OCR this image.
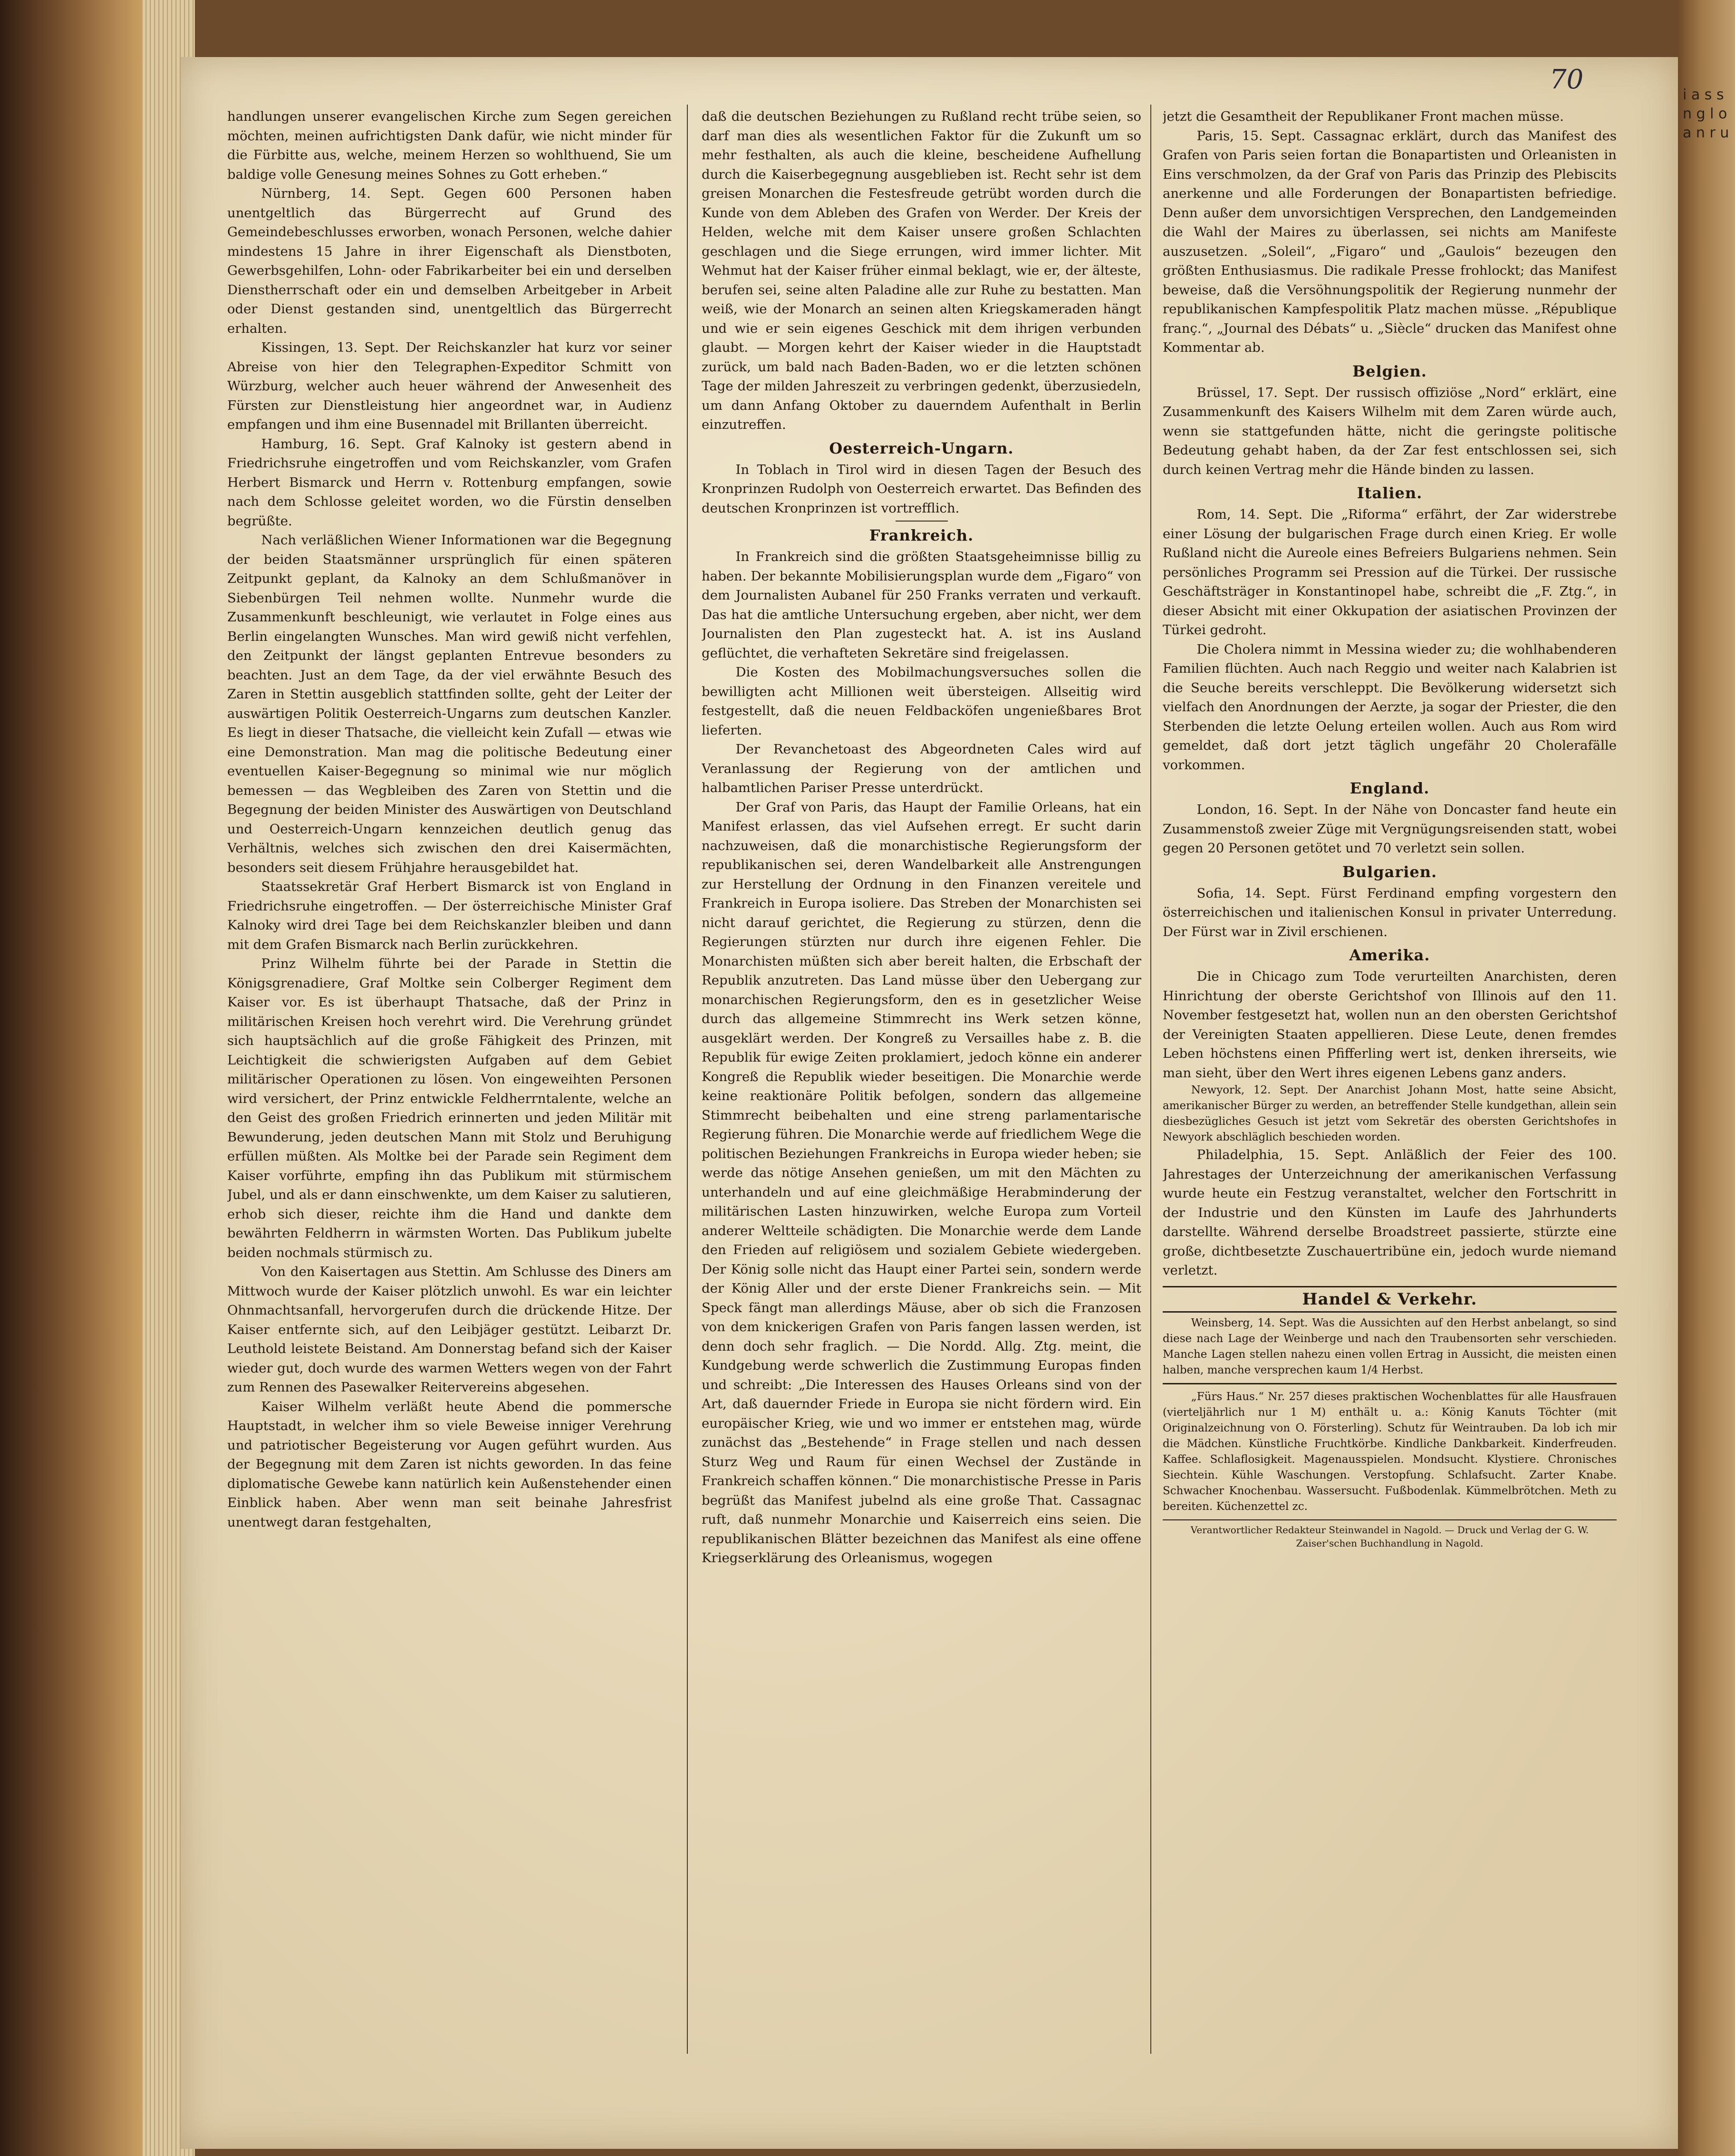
70	i a s s n g l o a n r u

handlungen unserer evangelischen Kirche zum Segen gereichen möchten, meinen aufrichtigsten Dank dafür, wie nicht minder für die Fürbitte aus, welche, meinem Herzen so wohlthuend, Sie um baldige volle Genesung meines Sohnes zu Gott erheben.“

Nürnberg, 14. Sept. Gegen 600 Personen haben unentgeltlich das Bürgerrecht auf Grund des Gemeindebeschlusses erworben, wonach Personen, welche dahier mindestens 15 Jahre in ihrer Eigenschaft als Dienstboten, Gewerbsgehilfen, Lohn- oder Fabrikarbeiter bei ein und derselben Dienstherrschaft oder ein und demselben Arbeitgeber in Arbeit oder Dienst gestanden sind, unentgeltlich das Bürgerrecht erhalten.

Kissingen, 13. Sept. Der Reichskanzler hat kurz vor seiner Abreise von hier den Telegraphen-Expeditor Schmitt von Würzburg, welcher auch heuer während der Anwesenheit des Fürsten zur Dienstleistung hier angeordnet war, in Audienz empfangen und ihm eine Busennadel mit Brillanten überreicht.

Hamburg, 16. Sept. Graf Kalnoky ist gestern abend in Friedrichsruhe eingetroffen und vom Reichskanzler, vom Grafen Herbert Bismarck und Herrn v. Rottenburg empfangen, sowie nach dem Schlosse geleitet worden, wo die Fürstin denselben begrüßte.

Nach verläßlichen Wiener Informationen war die Begegnung der beiden Staatsmänner ursprünglich für einen späteren Zeitpunkt geplant, da Kalnoky an dem Schlußmanöver in Siebenbürgen Teil nehmen wollte. Nunmehr wurde die Zusammenkunft beschleunigt, wie verlautet in Folge eines aus Berlin eingelangten Wunsches. Man wird gewiß nicht verfehlen, den Zeitpunkt der längst geplanten Entrevue besonders zu beachten. Just an dem Tage, da der viel erwähnte Besuch des Zaren in Stettin ausgeblich stattfinden sollte, geht der Leiter der auswärtigen Politik Oesterreich-Ungarns zum deutschen Kanzler. Es liegt in dieser Thatsache, die vielleicht kein Zufall — etwas wie eine Demonstration. Man mag die politische Bedeutung einer eventuellen Kaiser-Begegnung so minimal wie nur möglich bemessen — das Wegbleiben des Zaren von Stettin und die Begegnung der beiden Minister des Auswärtigen von Deutschland und Oesterreich-Ungarn kennzeichen deutlich genug das Verhältnis, welches sich zwischen den drei Kaisermächten, besonders seit diesem Frühjahre herausgebildet hat.

Staatssekretär Graf Herbert Bismarck ist von England in Friedrichsruhe eingetroffen. — Der österreichische Minister Graf Kalnoky wird drei Tage bei dem Reichskanzler bleiben und dann mit dem Grafen Bismarck nach Berlin zurückkehren.

Prinz Wilhelm führte bei der Parade in Stettin die Königsgrenadiere, Graf Moltke sein Colberger Regiment dem Kaiser vor. Es ist überhaupt Thatsache, daß der Prinz in militärischen Kreisen hoch verehrt wird. Die Verehrung gründet sich hauptsächlich auf die große Fähigkeit des Prinzen, mit Leichtigkeit die schwierigsten Aufgaben auf dem Gebiet militärischer Operationen zu lösen. Von eingeweihten Personen wird versichert, der Prinz entwickle Feldherrntalente, welche an den Geist des großen Friedrich erinnerten und jeden Militär mit Bewunderung, jeden deutschen Mann mit Stolz und Beruhigung erfüllen müßten. Als Moltke bei der Parade sein Regiment dem Kaiser vorführte, empfing ihn das Publikum mit stürmischem Jubel, und als er dann einschwenkte, um dem Kaiser zu salutieren, erhob sich dieser, reichte ihm die Hand und dankte dem bewährten Feldherrn in wärmsten Worten. Das Publikum jubelte beiden nochmals stürmisch zu.

Von den Kaisertagen aus Stettin. Am Schlusse des Diners am Mittwoch wurde der Kaiser plötzlich unwohl. Es war ein leichter Ohnmachtsanfall, hervorgerufen durch die drückende Hitze. Der Kaiser entfernte sich, auf den Leibjäger gestützt. Leibarzt Dr. Leuthold leistete Beistand. Am Donnerstag befand sich der Kaiser wieder gut, doch wurde des warmen Wetters wegen von der Fahrt zum Rennen des Pasewalker Reitervereins abgesehen.

Kaiser Wilhelm verläßt heute Abend die pommersche Hauptstadt, in welcher ihm so viele Beweise inniger Verehrung und patriotischer Begeisterung vor Augen geführt wurden. Aus der Begegnung mit dem Zaren ist nichts geworden. In das feine diplomatische Gewebe kann natürlich kein Außenstehender einen Einblick haben. Aber wenn man seit beinahe Jahresfrist unentwegt daran festgehalten,

daß die deutschen Beziehungen zu Rußland recht trübe seien, so darf man dies als wesentlichen Faktor für die Zukunft um so mehr festhalten, als auch die kleine, bescheidene Aufhellung durch die Kaiserbegegnung ausgeblieben ist. Recht sehr ist dem greisen Monarchen die Festesfreude getrübt worden durch die Kunde von dem Ableben des Grafen von Werder. Der Kreis der Helden, welche mit dem Kaiser unsere großen Schlachten geschlagen und die Siege errungen, wird immer lichter. Mit Wehmut hat der Kaiser früher einmal beklagt, wie er, der älteste, berufen sei, seine alten Paladine alle zur Ruhe zu bestatten. Man weiß, wie der Monarch an seinen alten Kriegskameraden hängt und wie er sein eigenes Geschick mit dem ihrigen verbunden glaubt. — Morgen kehrt der Kaiser wieder in die Hauptstadt zurück, um bald nach Baden-Baden, wo er die letzten schönen Tage der milden Jahreszeit zu verbringen gedenkt, überzusiedeln, um dann Anfang Oktober zu dauerndem Aufenthalt in Berlin einzutreffen.

Oesterreich-Ungarn.

In Toblach in Tirol wird in diesen Tagen der Besuch des Kronprinzen Rudolph von Oesterreich erwartet. Das Befinden des deutschen Kronprinzen ist vortrefflich.

Frankreich.

In Frankreich sind die größten Staatsgeheimnisse billig zu haben. Der bekannte Mobilisierungsplan wurde dem „Figaro“ von dem Journalisten Aubanel für 250 Franks verraten und verkauft. Das hat die amtliche Untersuchung ergeben, aber nicht, wer dem Journalisten den Plan zugesteckt hat. A. ist ins Ausland geflüchtet, die verhafteten Sekretäre sind freigelassen.

Die Kosten des Mobilmachungsversuches sollen die bewilligten acht Millionen weit übersteigen. Allseitig wird festgestellt, daß die neuen Feldbacköfen ungenießbares Brot lieferten.

Der Revanchetoast des Abgeordneten Cales wird auf Veranlassung der Regierung von der amtlichen und halbamtlichen Pariser Presse unterdrückt.

Der Graf von Paris, das Haupt der Familie Orleans, hat ein Manifest erlassen, das viel Aufsehen erregt. Er sucht darin nachzuweisen, daß die monarchistische Regierungsform der republikanischen sei, deren Wandelbarkeit alle Anstrengungen zur Herstellung der Ordnung in den Finanzen vereitele und Frankreich in Europa isoliere. Das Streben der Monarchisten sei nicht darauf gerichtet, die Regierung zu stürzen, denn die Regierungen stürzten nur durch ihre eigenen Fehler. Die Monarchisten müßten sich aber bereit halten, die Erbschaft der Republik anzutreten. Das Land müsse über den Uebergang zur monarchischen Regierungsform, den es in gesetzlicher Weise durch das allgemeine Stimmrecht ins Werk setzen könne, ausgeklärt werden. Der Kongreß zu Versailles habe z. B. die Republik für ewige Zeiten proklamiert, jedoch könne ein anderer Kongreß die Republik wieder beseitigen. Die Monarchie werde keine reaktionäre Politik befolgen, sondern das allgemeine Stimmrecht beibehalten und eine streng parlamentarische Regierung führen. Die Monarchie werde auf friedlichem Wege die politischen Beziehungen Frankreichs in Europa wieder heben; sie werde das nötige Ansehen genießen, um mit den Mächten zu unterhandeln und auf eine gleichmäßige Herabminderung der militärischen Lasten hinzuwirken, welche Europa zum Vorteil anderer Weltteile schädigten. Die Monarchie werde dem Lande den Frieden auf religiösem und sozialem Gebiete wiedergeben. Der König solle nicht das Haupt einer Partei sein, sondern werde der König Aller und der erste Diener Frankreichs sein. — Mit Speck fängt man allerdings Mäuse, aber ob sich die Franzosen von dem knickerigen Grafen von Paris fangen lassen werden, ist denn doch sehr fraglich. — Die Nordd. Allg. Ztg. meint, die Kundgebung werde schwerlich die Zustimmung Europas finden und schreibt: „Die Interessen des Hauses Orleans sind von der Art, daß dauernder Friede in Europa sie nicht fördern wird. Ein europäischer Krieg, wie und wo immer er entstehen mag, würde zunächst das „Bestehende“ in Frage stellen und nach dessen Sturz Weg und Raum für einen Wechsel der Zustände in Frankreich schaffen können.“ Die monarchistische Presse in Paris begrüßt das Manifest jubelnd als eine große That. Cassagnac ruft, daß nunmehr Monarchie und Kaiserreich eins seien. Die republikanischen Blätter bezeichnen das Manifest als eine offene Kriegserklärung des Orleanismus, wogegen

jetzt die Gesamtheit der Republikaner Front machen müsse.

Paris, 15. Sept. Cassagnac erklärt, durch das Manifest des Grafen von Paris seien fortan die Bonapartisten und Orleanisten in Eins verschmolzen, da der Graf von Paris das Prinzip des Plebiscits anerkenne und alle Forderungen der Bonapartisten befriedige. Denn außer dem unvorsichtigen Versprechen, den Landgemeinden die Wahl der Maires zu überlassen, sei nichts am Manifeste auszusetzen. „Soleil“, „Figaro“ und „Gaulois“ bezeugen den größten Enthusiasmus. Die radikale Presse frohlockt; das Manifest beweise, daß die Versöhnungspolitik der Regierung nunmehr der republikanischen Kampfespolitik Platz machen müsse. „République franç.“, „Journal des Débats“ u. „Siècle“ drucken das Manifest ohne Kommentar ab.

Belgien.

Brüssel, 17. Sept. Der russisch offiziöse „Nord“ erklärt, eine Zusammenkunft des Kaisers Wilhelm mit dem Zaren würde auch, wenn sie stattgefunden hätte, nicht die geringste politische Bedeutung gehabt haben, da der Zar fest entschlossen sei, sich durch keinen Vertrag mehr die Hände binden zu lassen.

Italien.

Rom, 14. Sept. Die „Riforma“ erfährt, der Zar widerstrebe einer Lösung der bulgarischen Frage durch einen Krieg. Er wolle Rußland nicht die Aureole eines Befreiers Bulgariens nehmen. Sein persönliches Programm sei Pression auf die Türkei. Der russische Geschäftsträger in Konstantinopel habe, schreibt die „F. Ztg.“, in dieser Absicht mit einer Okkupation der asiatischen Provinzen der Türkei gedroht.

Die Cholera nimmt in Messina wieder zu; die wohlhabenderen Familien flüchten. Auch nach Reggio und weiter nach Kalabrien ist die Seuche bereits verschleppt. Die Bevölkerung widersetzt sich vielfach den Anordnungen der Aerzte, ja sogar der Priester, die den Sterbenden die letzte Oelung erteilen wollen. Auch aus Rom wird gemeldet, daß dort jetzt täglich ungefähr 20 Cholerafälle vorkommen.

England.

London, 16. Sept. In der Nähe von Doncaster fand heute ein Zusammenstoß zweier Züge mit Vergnügungsreisenden statt, wobei gegen 20 Personen getötet und 70 verletzt sein sollen.

Bulgarien.

Sofia, 14. Sept. Fürst Ferdinand empfing vorgestern den österreichischen und italienischen Konsul in privater Unterredung. Der Fürst war in Zivil erschienen.

Amerika.

Die in Chicago zum Tode verurteilten Anarchisten, deren Hinrichtung der oberste Gerichtshof von Illinois auf den 11. November festgesetzt hat, wollen nun an den obersten Gerichtshof der Vereinigten Staaten appellieren. Diese Leute, denen fremdes Leben höchstens einen Pfifferling wert ist, denken ihrerseits, wie man sieht, über den Wert ihres eigenen Lebens ganz anders.

Newyork, 12. Sept. Der Anarchist Johann Most, hatte seine Absicht, amerikanischer Bürger zu werden, an betreffender Stelle kundgethan, allein sein diesbezügliches Gesuch ist jetzt vom Sekretär des obersten Gerichtshofes in Newyork abschläglich beschieden worden.

Philadelphia, 15. Sept. Anläßlich der Feier des 100. Jahrestages der Unterzeichnung der amerikanischen Verfassung wurde heute ein Festzug veranstaltet, welcher den Fortschritt in der Industrie und den Künsten im Laufe des Jahrhunderts darstellte. Während derselbe Broadstreet passierte, stürzte eine große, dichtbesetzte Zuschauertribüne ein, jedoch wurde niemand verletzt.

Handel & Verkehr.

Weinsberg, 14. Sept. Was die Aussichten auf den Herbst anbelangt, so sind diese nach Lage der Weinberge und nach den Traubensorten sehr verschieden. Manche Lagen stellen nahezu einen vollen Ertrag in Aussicht, die meisten einen halben, manche versprechen kaum 1/4 Herbst.

„Fürs Haus.“ Nr. 257 dieses praktischen Wochenblattes für alle Hausfrauen (vierteljährlich nur 1 M) enthält u. a.: König Kanuts Töchter (mit Originalzeichnung von O. Försterling). Schutz für Weintrauben. Da lob ich mir die Mädchen. Künstliche Fruchtkörbe. Kindliche Dankbarkeit. Kinderfreuden. Kaffee. Schlaflosigkeit. Magenausspielen. Mondsucht. Klystiere. Chronisches Siechtein. Kühle Waschungen. Verstopfung. Schlafsucht. Zarter Knabe. Schwacher Knochenbau. Wassersucht. Fußbodenlak. Kümmelbrötchen. Meth zu bereiten. Küchenzettel zc.

Verantwortlicher Redakteur Steinwandel in Nagold. — Druck und Verlag der G. W. Zaiser'schen Buchhandlung in Nagold.
